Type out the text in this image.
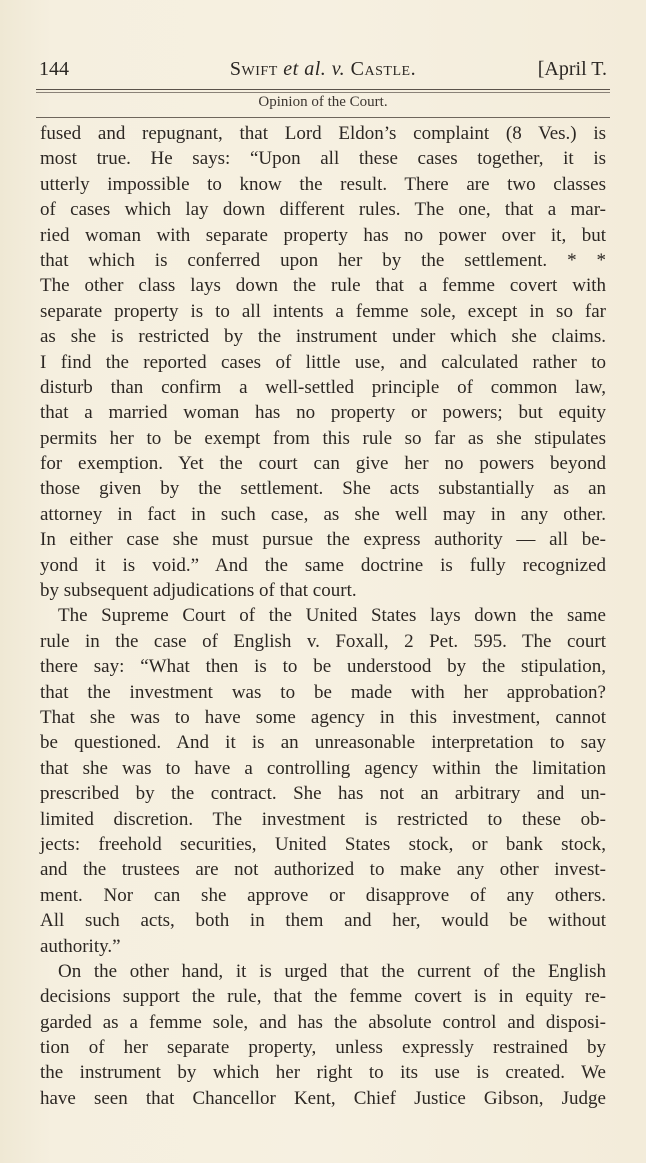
144	Swift et al. v. Castle.	[April T.
Opinion of the Court.
fused and repugnant, that Lord Eldon’s complaint (8 Ves.) is
most true. He says: “Upon all these cases together, it is
utterly impossible to know the result. There are two classes
of cases which lay down different rules. The one, that a mar-
ried woman with separate property has no power over it, but
that which is conferred upon her by the settlement. * *
The other class lays down the rule that a femme covert with
separate property is to all intents a femme sole, except in so far
as she is restricted by the instrument under which she claims.
I find the reported cases of little use, and calculated rather to
disturb than confirm a well-settled principle of common law,
that a married woman has no property or powers; but equity
permits her to be exempt from this rule so far as she stipulates
for exemption. Yet the court can give her no powers beyond
those given by the settlement. She acts substantially as an
attorney in fact in such case, as she well may in any other.
In either case she must pursue the express authority — all be-
yond it is void.” And the same doctrine is fully recognized
by subsequent adjudications of that court.
The Supreme Court of the United States lays down the same
rule in the case of English v. Foxall, 2 Pet. 595. The court
there say: “What then is to be understood by the stipulation,
that the investment was to be made with her approbation?
That she was to have some agency in this investment, cannot
be questioned. And it is an unreasonable interpretation to say
that she was to have a controlling agency within the limitation
prescribed by the contract. She has not an arbitrary and un-
limited discretion. The investment is restricted to these ob-
jects: freehold securities, United States stock, or bank stock,
and the trustees are not authorized to make any other invest-
ment. Nor can she approve or disapprove of any others.
All such acts, both in them and her, would be without
authority.”
On the other hand, it is urged that the current of the English
decisions support the rule, that the femme covert is in equity re-
garded as a femme sole, and has the absolute control and disposi-
tion of her separate property, unless expressly restrained by
the instrument by which her right to its use is created. We
have seen that Chancellor Kent, Chief Justice Gibson, Judge
